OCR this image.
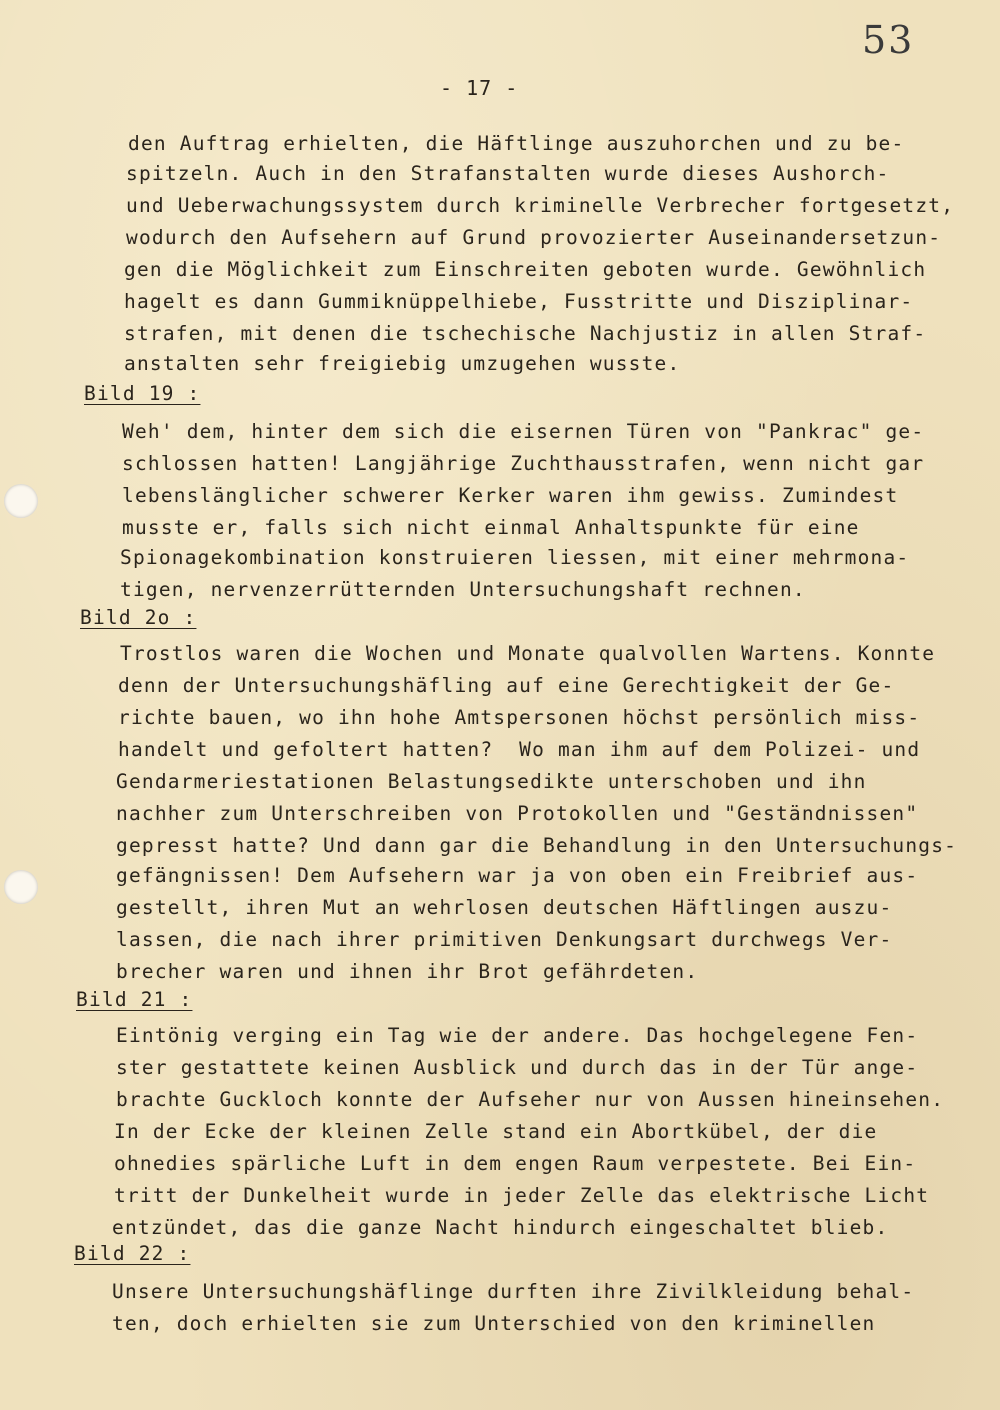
53
- 17 -
den Auftrag erhielten, die Häftlinge auszuhorchen und zu be-
spitzeln. Auch in den Strafanstalten wurde dieses Aushorch-
und Ueberwachungssystem durch kriminelle Verbrecher fortgesetzt,
wodurch den Aufsehern auf Grund provozierter Auseinandersetzun-
gen die Möglichkeit zum Einschreiten geboten wurde. Gewöhnlich
hagelt es dann Gummiknüppelhiebe, Fusstritte und Disziplinar-
strafen, mit denen die tschechische Nachjustiz in allen Straf-
anstalten sehr freigiebig umzugehen wusste.
Bild 19 :
Weh' dem, hinter dem sich die eisernen Türen von "Pankrac" ge-
schlossen hatten! Langjährige Zuchthausstrafen, wenn nicht gar
lebenslänglicher schwerer Kerker waren ihm gewiss. Zumindest
musste er, falls sich nicht einmal Anhaltspunkte für eine
Spionagekombination konstruieren liessen, mit einer mehrmona-
tigen, nervenzerrütternden Untersuchungshaft rechnen.
Bild 2o :
Trostlos waren die Wochen und Monate qualvollen Wartens. Konnte
denn der Untersuchungshäfling auf eine Gerechtigkeit der Ge-
richte bauen, wo ihn hohe Amtspersonen höchst persönlich miss-
handelt und gefoltert hatten?  Wo man ihm auf dem Polizei- und
Gendarmeriestationen Belastungsedikte unterschoben und ihn
nachher zum Unterschreiben von Protokollen und "Geständnissen"
gepresst hatte? Und dann gar die Behandlung in den Untersuchungs-
gefängnissen! Dem Aufsehern war ja von oben ein Freibrief aus-
gestellt, ihren Mut an wehrlosen deutschen Häftlingen auszu-
lassen, die nach ihrer primitiven Denkungsart durchwegs Ver-
brecher waren und ihnen ihr Brot gefährdeten.
Bild 21 :
Eintönig verging ein Tag wie der andere. Das hochgelegene Fen-
ster gestattete keinen Ausblick und durch das in der Tür ange-
brachte Guckloch konnte der Aufseher nur von Aussen hineinsehen.
In der Ecke der kleinen Zelle stand ein Abortkübel, der die
ohnedies spärliche Luft in dem engen Raum verpestete. Bei Ein-
tritt der Dunkelheit wurde in jeder Zelle das elektrische Licht
entzündet, das die ganze Nacht hindurch eingeschaltet blieb.
Bild 22 :
Unsere Untersuchungshäflinge durften ihre Zivilkleidung behal-
ten, doch erhielten sie zum Unterschied von den kriminellen
